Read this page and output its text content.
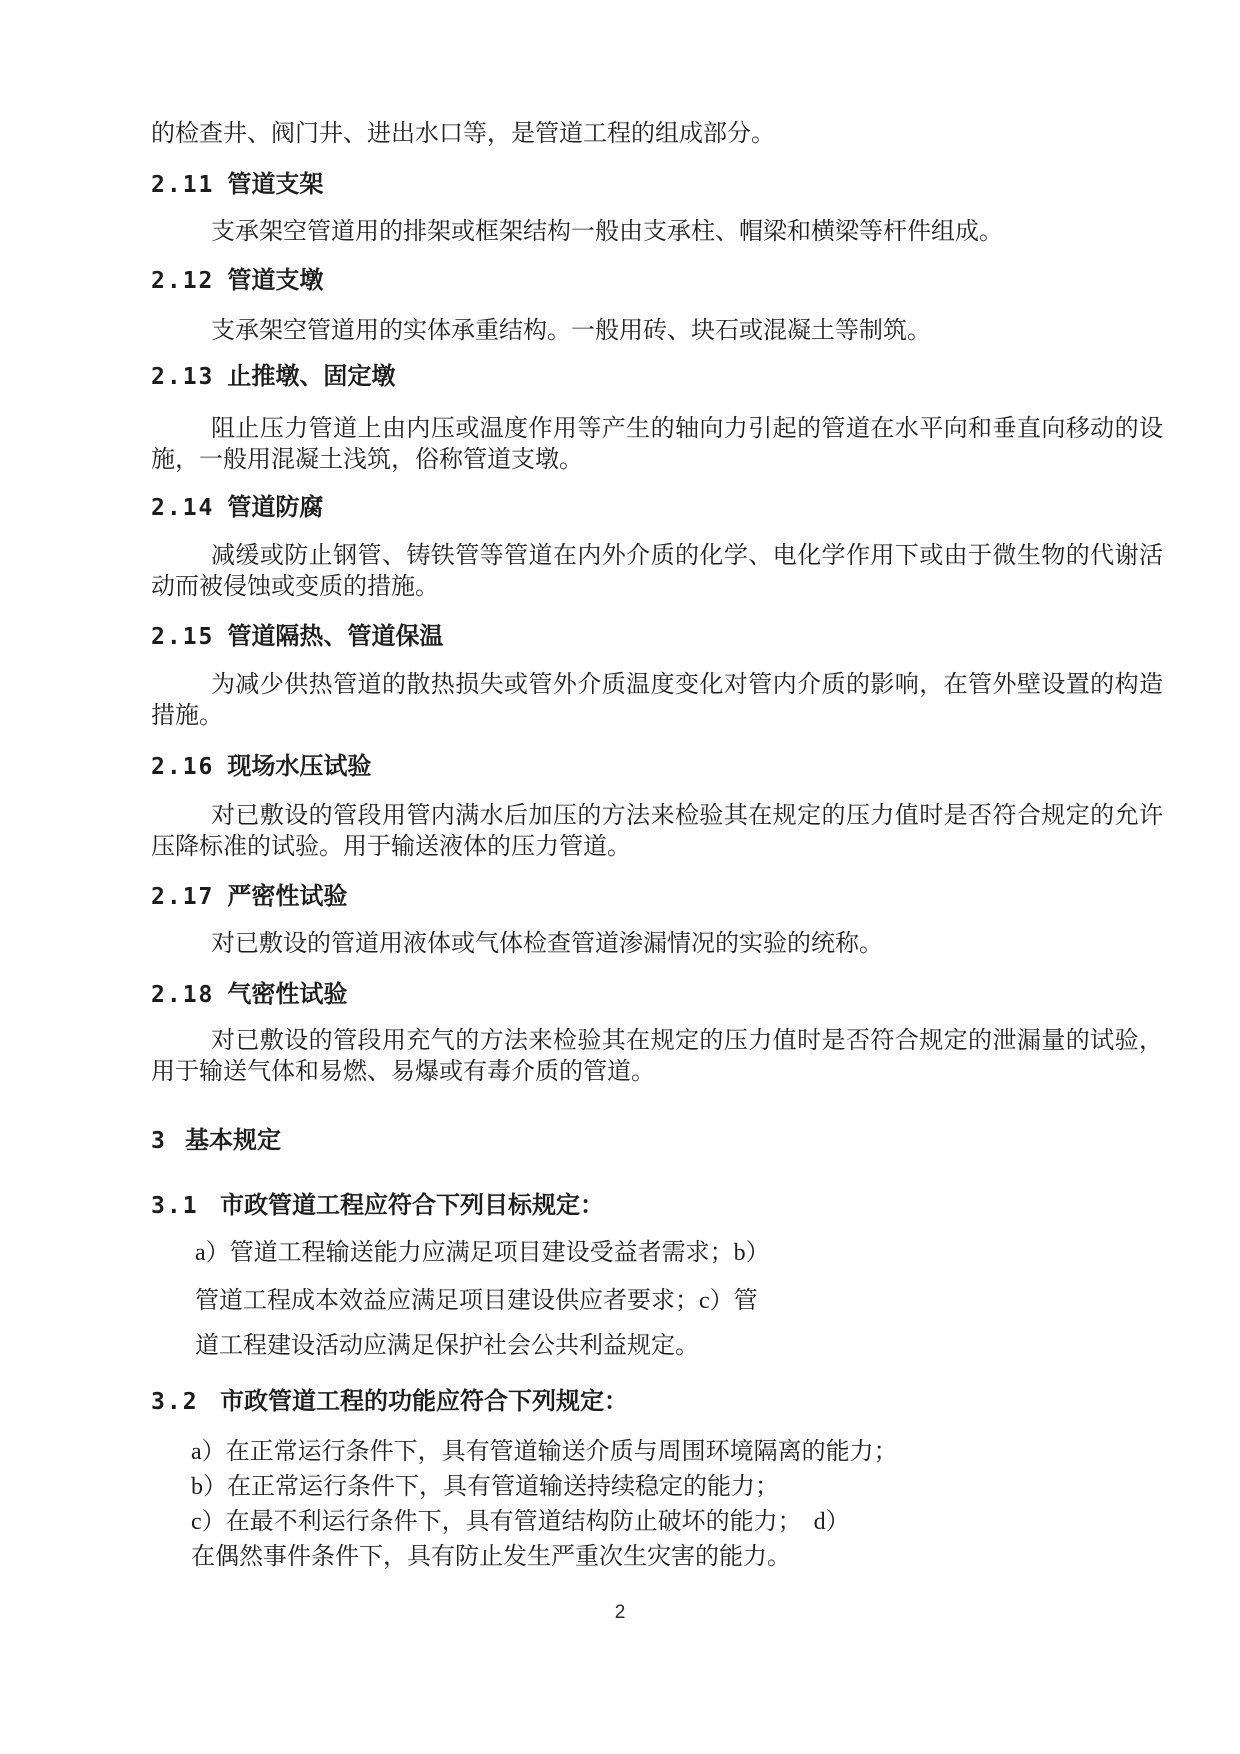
的检查井、阀门井、进出水口等，是管道工程的组成部分。

2.11 管道支架

支承架空管道用的排架或框架结构一般由支承柱、帽梁和横梁等杆件组成。

2.12 管道支墩

支承架空管道用的实体承重结构。一般用砖、块石或混凝土等制筑。

2.13 止推墩、固定墩

阻止压力管道上由内压或温度作用等产生的轴向力引起的管道在水平向和垂直向移动的设施，一般用混凝土浅筑，俗称管道支墩。

2.14 管道防腐

减缓或防止钢管、铸铁管等管道在内外介质的化学、电化学作用下或由于微生物的代谢活动而被侵蚀或变质的措施。

2.15 管道隔热、管道保温

为减少供热管道的散热损失或管外介质温度变化对管内介质的影响，在管外壁设置的构造措施。

2.16 现场水压试验

对已敷设的管段用管内满水后加压的方法来检验其在规定的压力值时是否符合规定的允许压降标准的试验。用于输送液体的压力管道。

2.17 严密性试验

对已敷设的管道用液体或气体检查管道渗漏情况的实验的统称。

2.18 气密性试验

对已敷设的管段用充气的方法来检验其在规定的压力值时是否符合规定的泄漏量的试验，用于输送气体和易燃、易爆或有毒介质的管道。

3 基本规定
3.1 市政管道工程应符合下列目标规定：

a）管道工程输送能力应满足项目建设受益者需求；b）

管道工程成本效益应满足项目建设供应者要求；c）管

道工程建设活动应满足保护社会公共利益规定。

3.2 市政管道工程的功能应符合下列规定：

a）在正常运行条件下，具有管道输送介质与周围环境隔离的能力；

b）在正常运行条件下，具有管道输送持续稳定的能力；

c）在最不利运行条件下，具有管道结构防止破坏的能力；　d）

在偶然事件条件下，具有防止发生严重次生灾害的能力。

2
